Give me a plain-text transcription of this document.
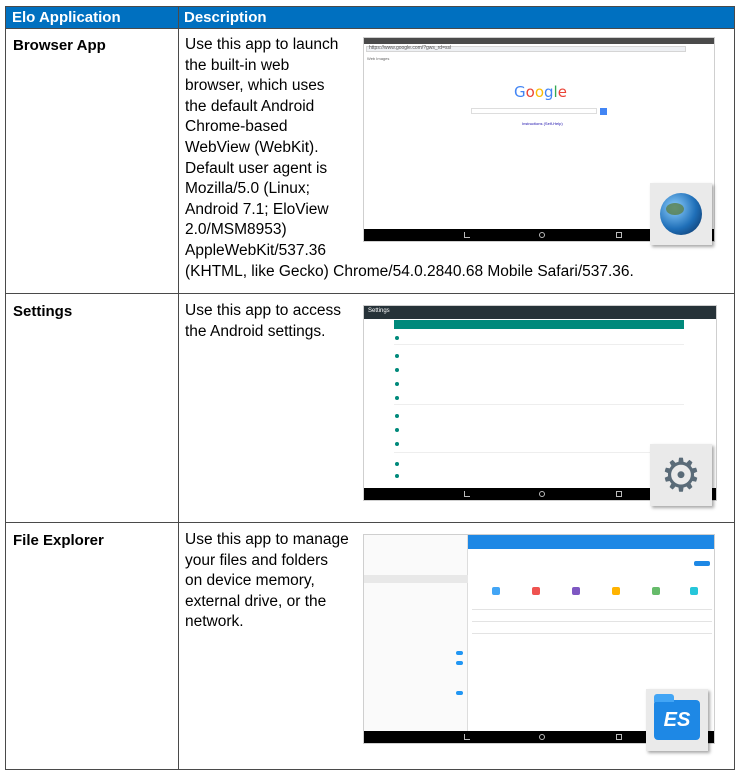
Elo Application	Description
Browser App	Use this app to launch
the built-in web
browser, which uses
the default Android
Chrome-based
WebView (WebKit).
Default user agent is
Mozilla/5.0 (Linux;
Android 7.1; EloView
2.0/MSM8953)
AppleWebKit/537.36
(KHTML, like Gecko) Chrome/54.0.2840.68 Mobile Safari/537.36.
https://www.google.com/?gws_rd=ssl
Web Images
Google
Instructions (Self-Help)
Settings	Use this app to access
the Android settings.
Settings
⚙
File Explorer	Use this app to manage
your files and folders
on device memory,
external drive, or the
network.
ES
